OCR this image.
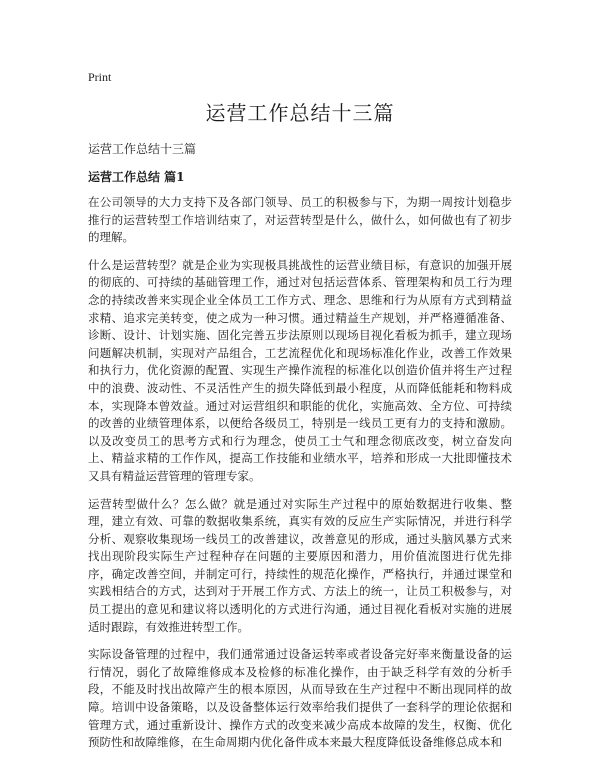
Print
运营工作总结十三篇
运营工作总结十三篇
运营工作总结 篇1

在公司领导的大力支持下及各部门领导、员工的积极参与下，为期一周按计划稳步推行的运营转型工作培训结束了，对运营转型是什么，做什么，如何做也有了初步的理解。

什么是运营转型？就是企业为实现极具挑战性的运营业绩目标，有意识的加强开展的彻底的、可持续的基础管理工作，通过对包括运营体系、管理架构和员工行为理念的持续改善来实现企业全体员工工作方式、理念、思维和行为从原有方式到精益求精、追求完美转变，使之成为一种习惯。通过精益生产规划，并严格遵循准备、诊断、设计、计划实施、固化完善五步法原则以现场目视化看板为抓手，建立现场问题解决机制，实现对产品组合，工艺流程优化和现场标准化作业，改善工作效果和执行力，优化资源的配置、实现生产操作流程的标准化以创造价值并将生产过程中的浪费、波动性、不灵活性产生的损失降低到最小程度，从而降低能耗和物料成本，实现降本曾效益。通过对运营组织和职能的优化，实施高效、全方位、可持续的改善的业绩管理体系，以便给各级员工，特别是一线员工更有力的支持和激励。以及改变员工的思考方式和行为理念，使员工士气和理念彻底改变，树立奋发向上、精益求精的工作作风，提高工作技能和业绩水平，培养和形成一大批即懂技术又具有精益运营管理的管理专家。

运营转型做什么？怎么做？就是通过对实际生产过程中的原始数据进行收集、整理，建立有效、可靠的数据收集系统，真实有效的反应生产实际情况，并进行科学分析、观察收集现场一线员工的改善建议，改善意见的形成，通过头脑风暴方式来找出现阶段实际生产过程种存在问题的主要原因和潜力，用价值流图进行优先排序，确定改善空间，并制定可行，持续性的规范化操作，严格执行，并通过课堂和实践相结合的方式，达到对于开展工作方式、方法上的统一，让员工积极参与，对员工提出的意见和建议将以透明化的方式进行沟通，通过目视化看板对实施的进展适时跟踪，有效推进转型工作。

实际设备管理的过程中，我们通常通过设备运转率或者设备完好率来衡量设备的运行情况，弱化了故障维修成本及检修的标准化操作，由于缺乏科学有效的分析手段，不能及时找出故障产生的根本原因，从而导致在生产过程中不断出现同样的故障。培训中设备策略，以及设备整体运行效率给我们提供了一套科学的理论依据和管理方式，通过重新设计、操作方式的改变来减少高成本故障的发生，权衡、优化预防性和故障维修，在生命周期内优化备件成本来最大程度降低设备维修总成本和
